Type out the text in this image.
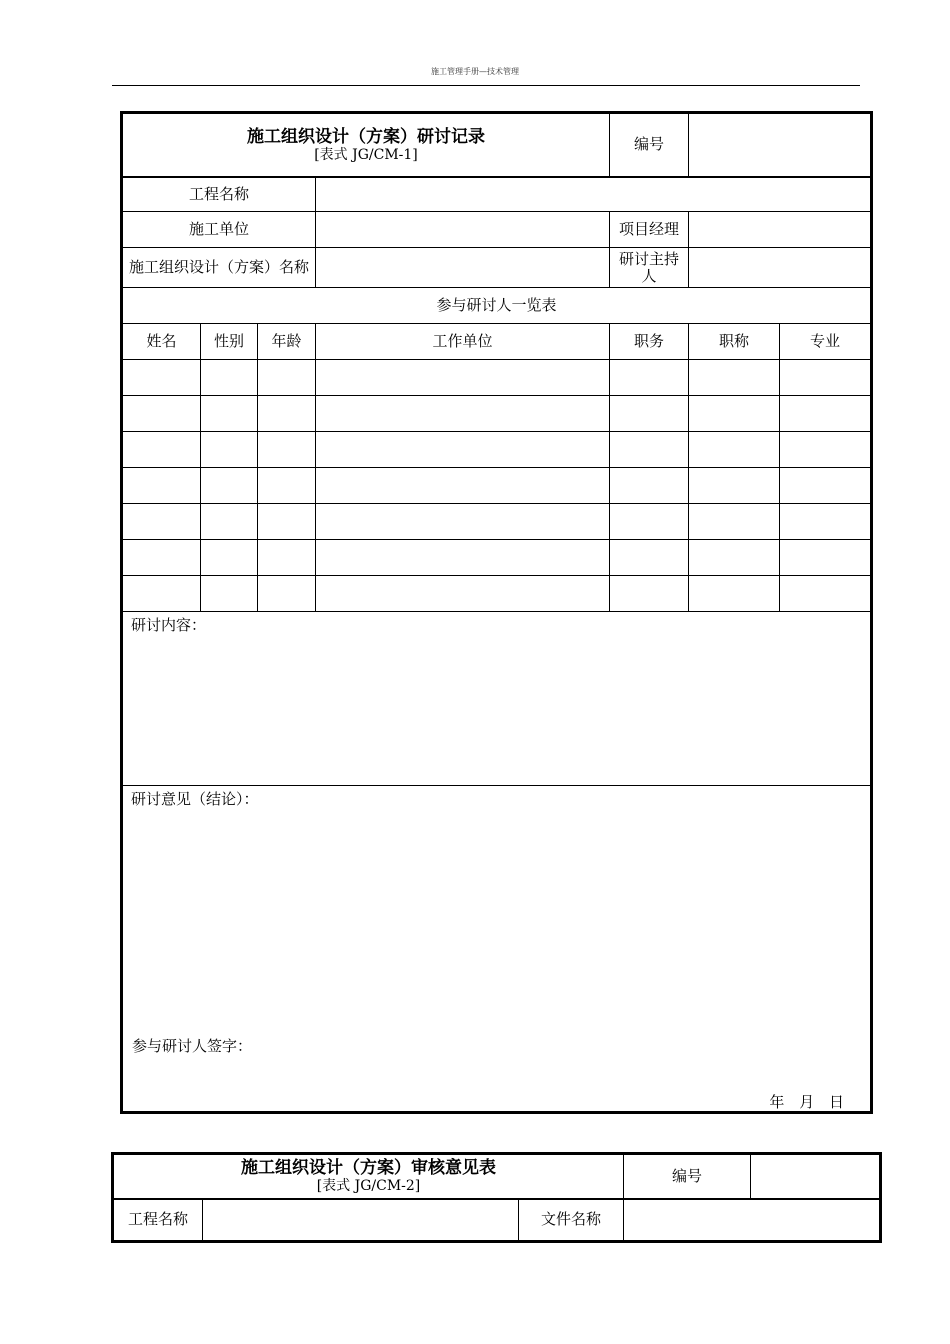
施工管理手册—技术管理
施工组织设计（方案）研讨记录
[表式 JG/CM-1]				编号		
工程名称						
施工单位				项目经理		
施工组织设计（方案）名称				研讨主持人		
参与研讨人一览表						
姓名	性别	年龄	工作单位	职务	职称	专业

研讨内容：						

研讨意见（结论）：
参与研讨人签字：
年 月 日						
施工组织设计（方案）审核意见表
[表式 JG/CM-2]			编号	
工程名称		文件名称		
